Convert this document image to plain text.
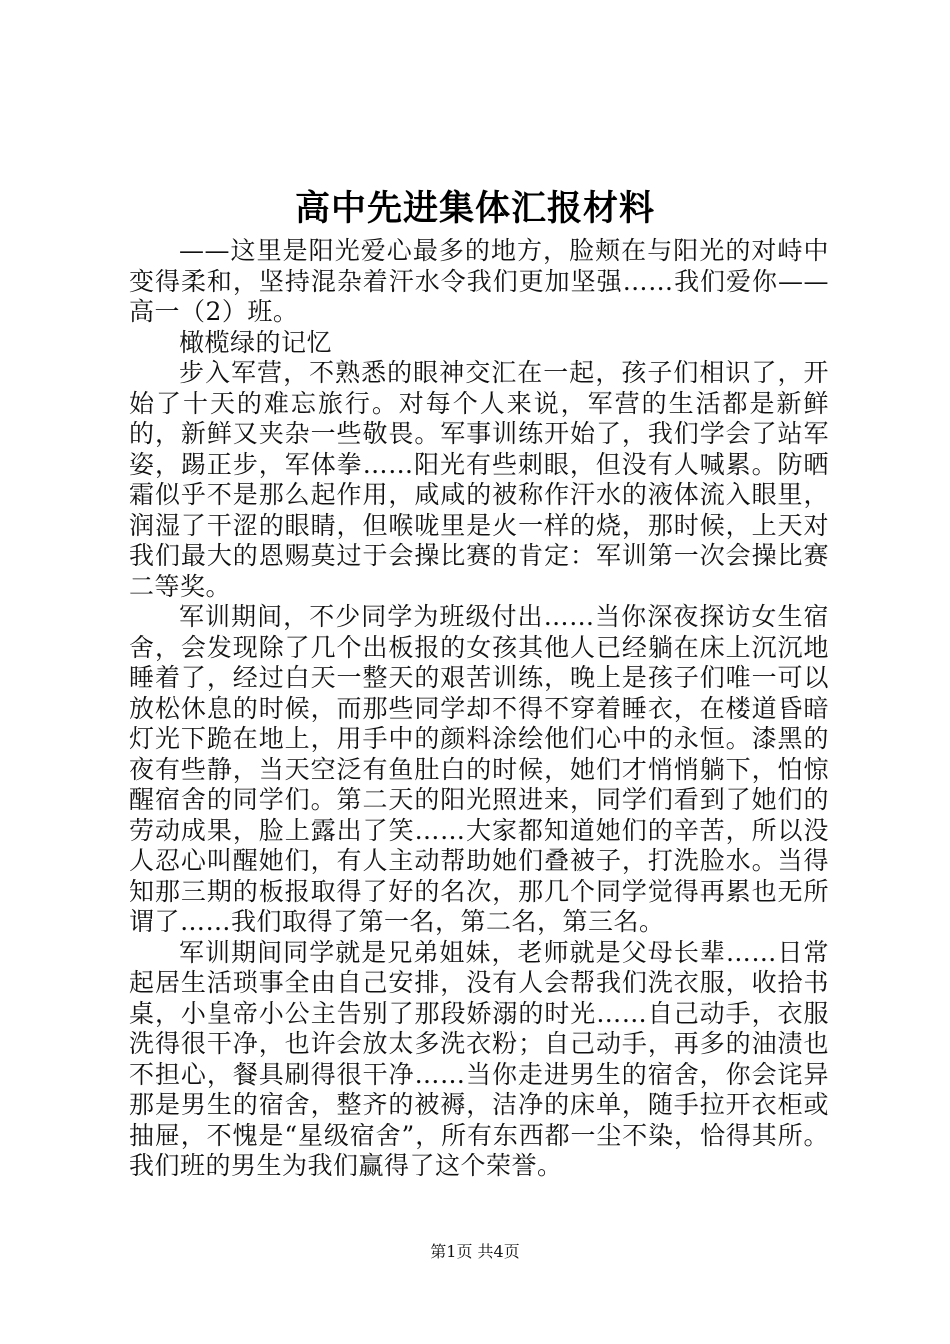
高中先进集体汇报材料

——这里是阳光爱心最多的地方，脸颊在与阳光的对峙中变得柔和，坚持混杂着汗水令我们更加坚强……我们爱你——高一（2）班。

橄榄绿的记忆

步入军营，不熟悉的眼神交汇在一起，孩子们相识了，开始了十天的难忘旅行。对每个人来说，军营的生活都是新鲜的，新鲜又夹杂一些敬畏。军事训练开始了，我们学会了站军姿，踢正步，军体拳……阳光有些刺眼，但没有人喊累。防晒霜似乎不是那么起作用，咸咸的被称作汗水的液体流入眼里，润湿了干涩的眼睛，但喉咙里是火一样的烧，那时候，上天对我们最大的恩赐莫过于会操比赛的肯定：军训第一次会操比赛二等奖。

军训期间，不少同学为班级付出……当你深夜探访女生宿舍，会发现除了几个出板报的女孩其他人已经躺在床上沉沉地睡着了，经过白天一整天的艰苦训练，晚上是孩子们唯一可以放松休息的时候，而那些同学却不得不穿着睡衣，在楼道昏暗灯光下跪在地上，用手中的颜料涂绘他们心中的永恒。漆黑的夜有些静，当天空泛有鱼肚白的时候，她们才悄悄躺下，怕惊醒宿舍的同学们。第二天的阳光照进来，同学们看到了她们的劳动成果，脸上露出了笑……大家都知道她们的辛苦，所以没人忍心叫醒她们，有人主动帮助她们叠被子，打洗脸水。当得知那三期的板报取得了好的名次，那几个同学觉得再累也无所谓了……我们取得了第一名，第二名，第三名。

军训期间同学就是兄弟姐妹，老师就是父母长辈……日常起居生活琐事全由自己安排，没有人会帮我们洗衣服，收拾书桌，小皇帝小公主告别了那段娇溺的时光……自己动手，衣服洗得很干净，也许会放太多洗衣粉；自己动手，再多的油渍也不担心，餐具刷得很干净……当你走进男生的宿舍，你会诧异那是男生的宿舍，整齐的被褥，洁净的床单，随手拉开衣柜或抽屉，不愧是“星级宿舍”，所有东西都一尘不染，恰得其所。我们班的男生为我们赢得了这个荣誉。

第1页 共4页
